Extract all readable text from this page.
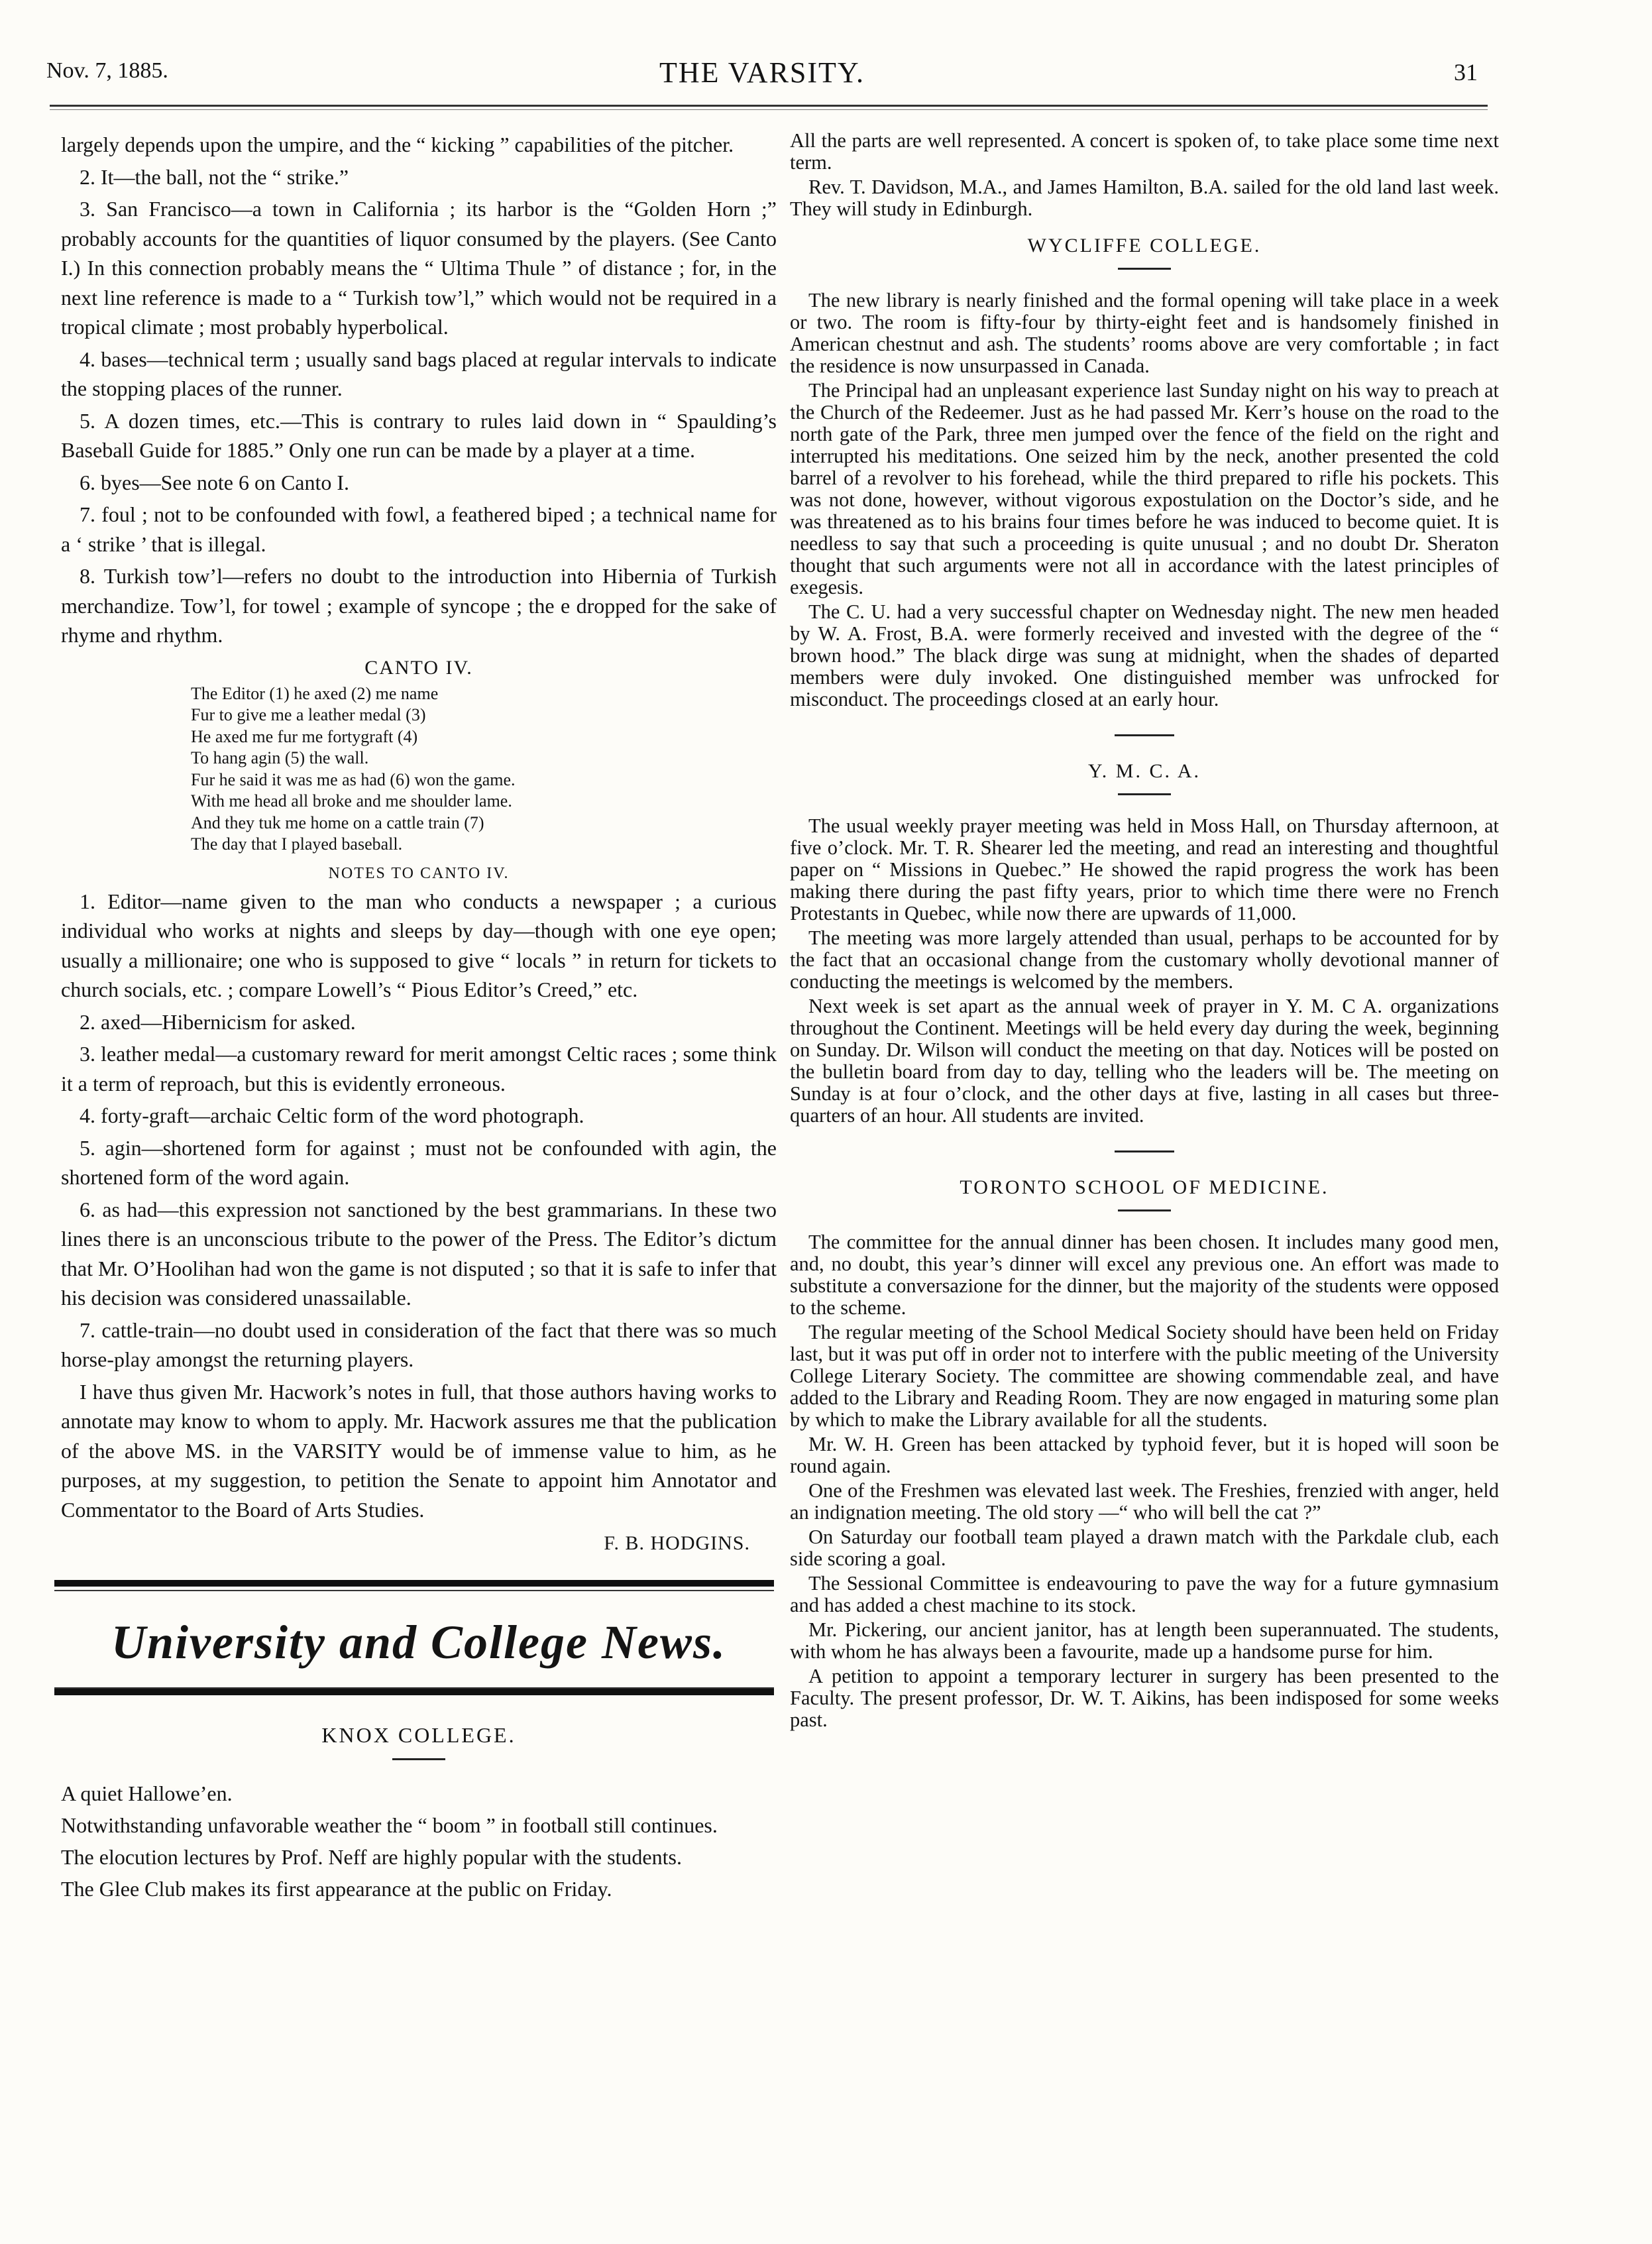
Nov. 7, 1885.	THE VARSITY.	31

largely depends upon the umpire, and the “ kicking ” capabilities of the pitcher.

2. It—the ball, not the “ strike.”

3. San Francisco—a town in California ; its harbor is the “Golden Horn ;” probably accounts for the quantities of liquor consumed by the players. (See Canto I.) In this connection probably means the “ Ultima Thule ” of distance ; for, in the next line reference is made to a “ Turkish tow’l,” which would not be required in a tropical climate ; most probably hyperbolical.

4. bases—technical term ; usually sand bags placed at regular intervals to indicate the stopping places of the runner.

5. A dozen times, etc.—This is contrary to rules laid down in “ Spaulding’s Baseball Guide for 1885.” Only one run can be made by a player at a time.

6. byes—See note 6 on Canto I.

7. foul ; not to be confounded with fowl, a feathered biped ; a technical name for a ‘ strike ’ that is illegal.

8. Turkish tow’l—refers no doubt to the introduction into Hibernia of Turkish merchandize. Tow’l, for towel ; example of syncope ; the e dropped for the sake of rhyme and rhythm.

CANTO IV.
The Editor (1) he axed (2) me name
Fur to give me a leather medal (3)
He axed me fur me fortygraft (4)
To hang agin (5) the wall.
Fur he said it was me as had (6) won the game.
With me head all broke and me shoulder lame.
And they tuk me home on a cattle train (7)
The day that I played baseball.
NOTES TO CANTO IV.

1. Editor—name given to the man who conducts a newspaper ; a curious individual who works at nights and sleeps by day—though with one eye open; usually a millionaire; one who is supposed to give “ locals ” in return for tickets to church socials, etc. ; compare Lowell’s “ Pious Editor’s Creed,” etc.

2. axed—Hibernicism for asked.

3. leather medal—a customary reward for merit amongst Celtic races ; some think it a term of reproach, but this is evidently erroneous.

4. forty-graft—archaic Celtic form of the word photograph.

5. agin—shortened form for against ; must not be confounded with agin, the shortened form of the word again.

6. as had—this expression not sanctioned by the best grammarians. In these two lines there is an unconscious tribute to the power of the Press. The Editor’s dictum that Mr. O’Hoolihan had won the game is not disputed ; so that it is safe to infer that his decision was considered unassailable.

7. cattle-train—no doubt used in consideration of the fact that there was so much horse-play amongst the returning players.

I have thus given Mr. Hacwork’s notes in full, that those authors having works to annotate may know to whom to apply. Mr. Hacwork assures me that the publication of the above MS. in the VARSITY would be of immense value to him, as he purposes, at my suggestion, to petition the Senate to appoint him Annotator and Commentator to the Board of Arts Studies.

F. B. HODGINS.
University and College News.
KNOX COLLEGE.

A quiet Hallowe’en.

Notwithstanding unfavorable weather the “ boom ” in football still continues.

The elocution lectures by Prof. Neff are highly popular with the students.

The Glee Club makes its first appearance at the public on Friday.

All the parts are well represented. A concert is spoken of, to take place some time next term.

Rev. T. Davidson, M.A., and James Hamilton, B.A. sailed for the old land last week. They will study in Edinburgh.

WYCLIFFE COLLEGE.

The new library is nearly finished and the formal opening will take place in a week or two. The room is fifty-four by thirty-eight feet and is handsomely finished in American chestnut and ash. The students’ rooms above are very comfortable ; in fact the residence is now unsurpassed in Canada.

The Principal had an unpleasant experience last Sunday night on his way to preach at the Church of the Redeemer. Just as he had passed Mr. Kerr’s house on the road to the north gate of the Park, three men jumped over the fence of the field on the right and interrupted his meditations. One seized him by the neck, another presented the cold barrel of a revolver to his forehead, while the third prepared to rifle his pockets. This was not done, however, without vigorous expostulation on the Doctor’s side, and he was threatened as to his brains four times before he was induced to become quiet. It is needless to say that such a proceeding is quite unusual ; and no doubt Dr. Sheraton thought that such arguments were not all in accordance with the latest principles of exegesis.

The C. U. had a very successful chapter on Wednesday night. The new men headed by W. A. Frost, B.A. were formerly received and invested with the degree of the “ brown hood.” The black dirge was sung at midnight, when the shades of departed members were duly invoked. One distinguished member was unfrocked for misconduct. The proceedings closed at an early hour.

Y. M. C. A.

The usual weekly prayer meeting was held in Moss Hall, on Thursday afternoon, at five o’clock. Mr. T. R. Shearer led the meeting, and read an interesting and thoughtful paper on “ Missions in Quebec.” He showed the rapid progress the work has been making there during the past fifty years, prior to which time there were no French Protestants in Quebec, while now there are upwards of 11,000.

The meeting was more largely attended than usual, perhaps to be accounted for by the fact that an occasional change from the customary wholly devotional manner of conducting the meetings is welcomed by the members.

Next week is set apart as the annual week of prayer in Y. M. C A. organizations throughout the Continent. Meetings will be held every day during the week, beginning on Sunday. Dr. Wilson will conduct the meeting on that day. Notices will be posted on the bulletin board from day to day, telling who the leaders will be. The meeting on Sunday is at four o’clock, and the other days at five, lasting in all cases but three-quarters of an hour. All students are invited.

TORONTO SCHOOL OF MEDICINE.

The committee for the annual dinner has been chosen. It includes many good men, and, no doubt, this year’s dinner will excel any previous one. An effort was made to substitute a conversazione for the dinner, but the majority of the students were opposed to the scheme.

The regular meeting of the School Medical Society should have been held on Friday last, but it was put off in order not to interfere with the public meeting of the University College Literary Society. The committee are showing commendable zeal, and have added to the Library and Reading Room. They are now engaged in maturing some plan by which to make the Library available for all the students.

Mr. W. H. Green has been attacked by typhoid fever, but it is hoped will soon be round again.

One of the Freshmen was elevated last week. The Freshies, frenzied with anger, held an indignation meeting. The old story —“ who will bell the cat ?”

On Saturday our football team played a drawn match with the Parkdale club, each side scoring a goal.

The Sessional Committee is endeavouring to pave the way for a future gymnasium and has added a chest machine to its stock.

Mr. Pickering, our ancient janitor, has at length been superannuated. The students, with whom he has always been a favourite, made up a handsome purse for him.

A petition to appoint a temporary lecturer in surgery has been presented to the Faculty. The present professor, Dr. W. T. Aikins, has been indisposed for some weeks past.
